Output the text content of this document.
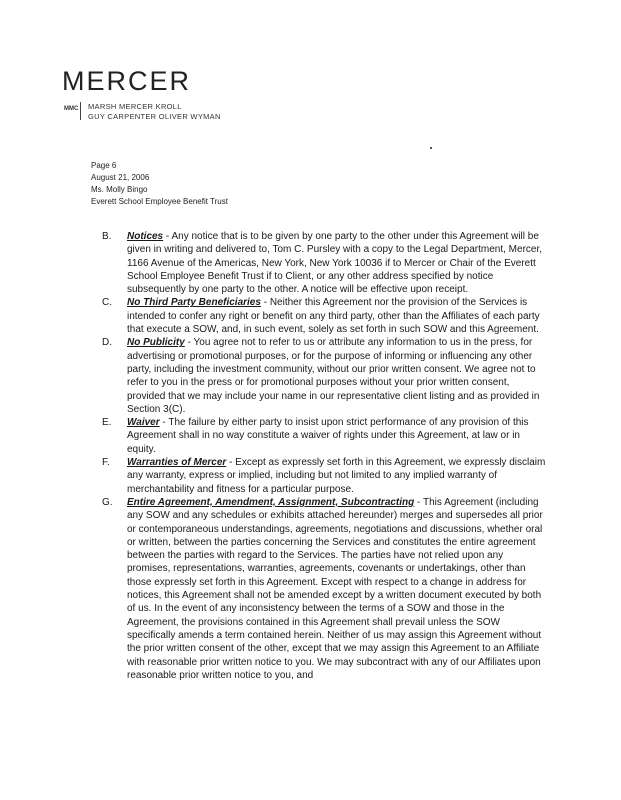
MERCER
MMC MARSH MERCER KROLL
GUY CARPENTER OLIVER WYMAN
Page 6
August 21, 2006
Ms. Molly Bingo
Everett School Employee Benefit Trust
B.	Notices - Any notice that is to be given by one party to the other under this Agreement will be given in writing and delivered to, Tom C. Pursley with a copy to the Legal Department, Mercer, 1166 Avenue of the Americas, New York, New York 10036 if to Mercer or Chair of the Everett School Employee Benefit Trust if to Client, or any other address specified by notice subsequently by one party to the other. A notice will be effective upon receipt.
C.	No Third Party Beneficiaries - Neither this Agreement nor the provision of the Services is intended to confer any right or benefit on any third party, other than the Affiliates of each party that execute a SOW, and, in such event, solely as set forth in such SOW and this Agreement.
D.	No Publicity - You agree not to refer to us or attribute any information to us in the press, for advertising or promotional purposes, or for the purpose of informing or influencing any other party, including the investment community, without our prior written consent. We agree not to refer to you in the press or for promotional purposes without your prior written consent, provided that we may include your name in our representative client listing and as provided in Section 3(C).
E.	Waiver - The failure by either party to insist upon strict performance of any provision of this Agreement shall in no way constitute a waiver of rights under this Agreement, at law or in equity.
F.	Warranties of Mercer - Except as expressly set forth in this Agreement, we expressly disclaim any warranty, express or implied, including but not limited to any implied warranty of merchantability and fitness for a particular purpose.
G.	Entire Agreement, Amendment, Assignment, Subcontracting - This Agreement (including any SOW and any schedules or exhibits attached hereunder) merges and supersedes all prior or contemporaneous understandings, agreements, negotiations and discussions, whether oral or written, between the parties concerning the Services and constitutes the entire agreement between the parties with regard to the Services. The parties have not relied upon any promises, representations, warranties, agreements, covenants or undertakings, other than those expressly set forth in this Agreement. Except with respect to a change in address for notices, this Agreement shall not be amended except by a written document executed by both of us. In the event of any inconsistency between the terms of a SOW and those in the Agreement, the provisions contained in this Agreement shall prevail unless the SOW specifically amends a term contained herein. Neither of us may assign this Agreement without the prior written consent of the other, except that we may assign this Agreement to an Affiliate with reasonable prior written notice to you. We may subcontract with any of our Affiliates upon reasonable prior written notice to you, and
